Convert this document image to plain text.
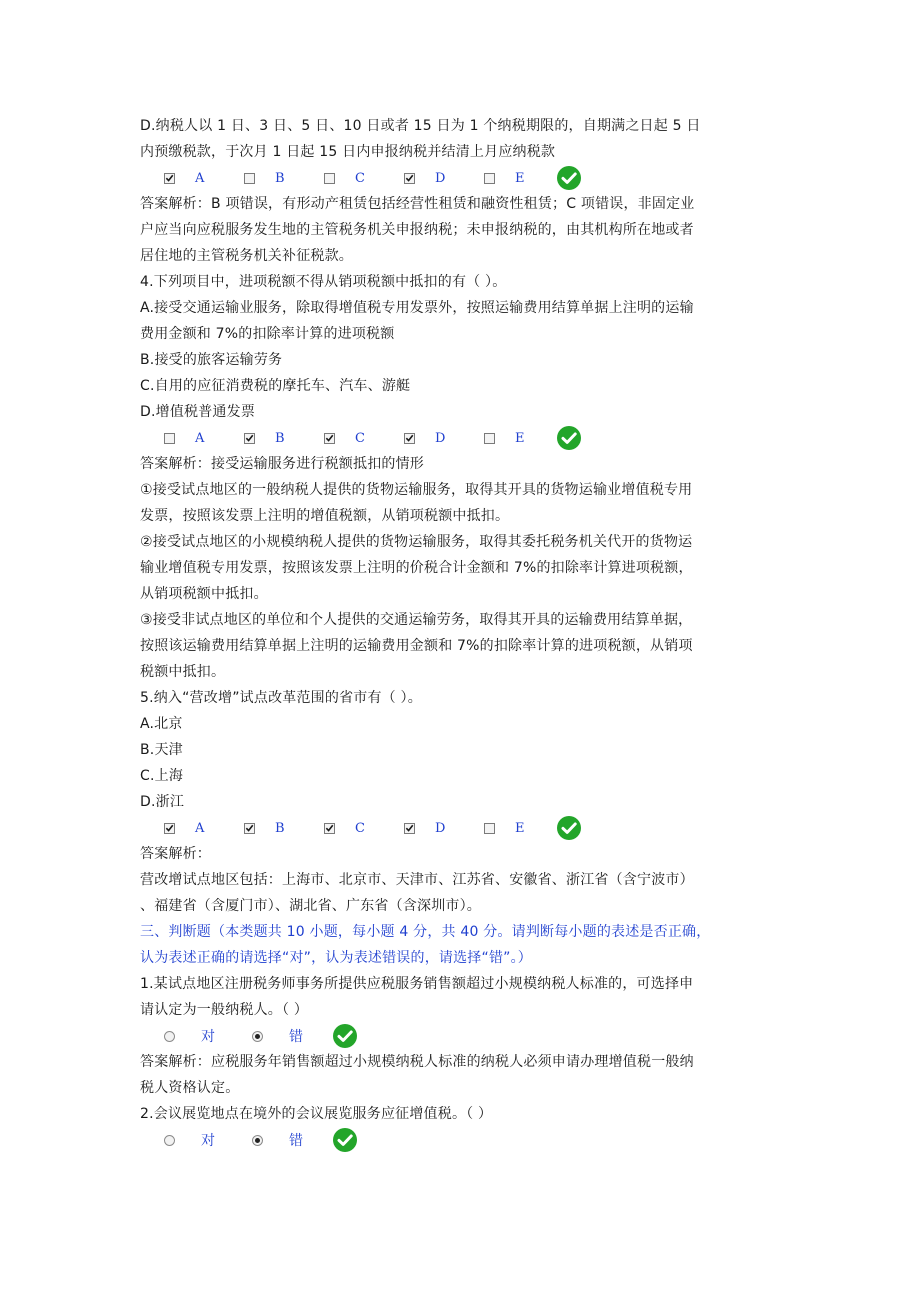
D.纳税人以 1 日、3 日、5 日、10 日或者 15 日为 1 个纳税期限的，自期满之日起 5 日
内预缴税款，于次月 1 日起 15 日内申报纳税并结清上月应纳税款
A	B	C	D	E
答案解析：B 项错误，有形动产租赁包括经营性租赁和融资性租赁；C 项错误，非固定业
户应当向应税服务发生地的主管税务机关申报纳税；未申报纳税的，由其机构所在地或者
居住地的主管税务机关补征税款。
4.下列项目中，进项税额不得从销项税额中抵扣的有（ ）。
A.接受交通运输业服务，除取得增值税专用发票外，按照运输费用结算单据上注明的运输
费用金额和 7%的扣除率计算的进项税额
B.接受的旅客运输劳务
C.自用的应征消费税的摩托车、汽车、游艇
D.增值税普通发票
A	B	C	D	E
答案解析：接受运输服务进行税额抵扣的情形
①接受试点地区的一般纳税人提供的货物运输服务，取得其开具的货物运输业增值税专用
发票，按照该发票上注明的增值税额，从销项税额中抵扣。
②接受试点地区的小规模纳税人提供的货物运输服务，取得其委托税务机关代开的货物运
输业增值税专用发票，按照该发票上注明的价税合计金额和 7%的扣除率计算进项税额，
从销项税额中抵扣。
③接受非试点地区的单位和个人提供的交通运输劳务，取得其开具的运输费用结算单据，
按照该运输费用结算单据上注明的运输费用金额和 7%的扣除率计算的进项税额，从销项
税额中抵扣。
5.纳入“营改增”试点改革范围的省市有（ ）。
A.北京
B.天津
C.上海
D.浙江
A	B	C	D	E
答案解析：
营改增试点地区包括：上海市、北京市、天津市、江苏省、安徽省、浙江省（含宁波市）
、福建省（含厦门市）、湖北省、广东省（含深圳市）。
三、判断题（本类题共 10 小题，每小题 4 分，共 40 分。请判断每小题的表述是否正确，
认为表述正确的请选择“对”，认为表述错误的，请选择“错”。）
1.某试点地区注册税务师事务所提供应税服务销售额超过小规模纳税人标准的，可选择申
请认定为一般纳税人。（ ）
对	错
答案解析：应税服务年销售额超过小规模纳税人标准的纳税人必须申请办理增值税一般纳
税人资格认定。
2.会议展览地点在境外的会议展览服务应征增值税。（ ）
对	错
